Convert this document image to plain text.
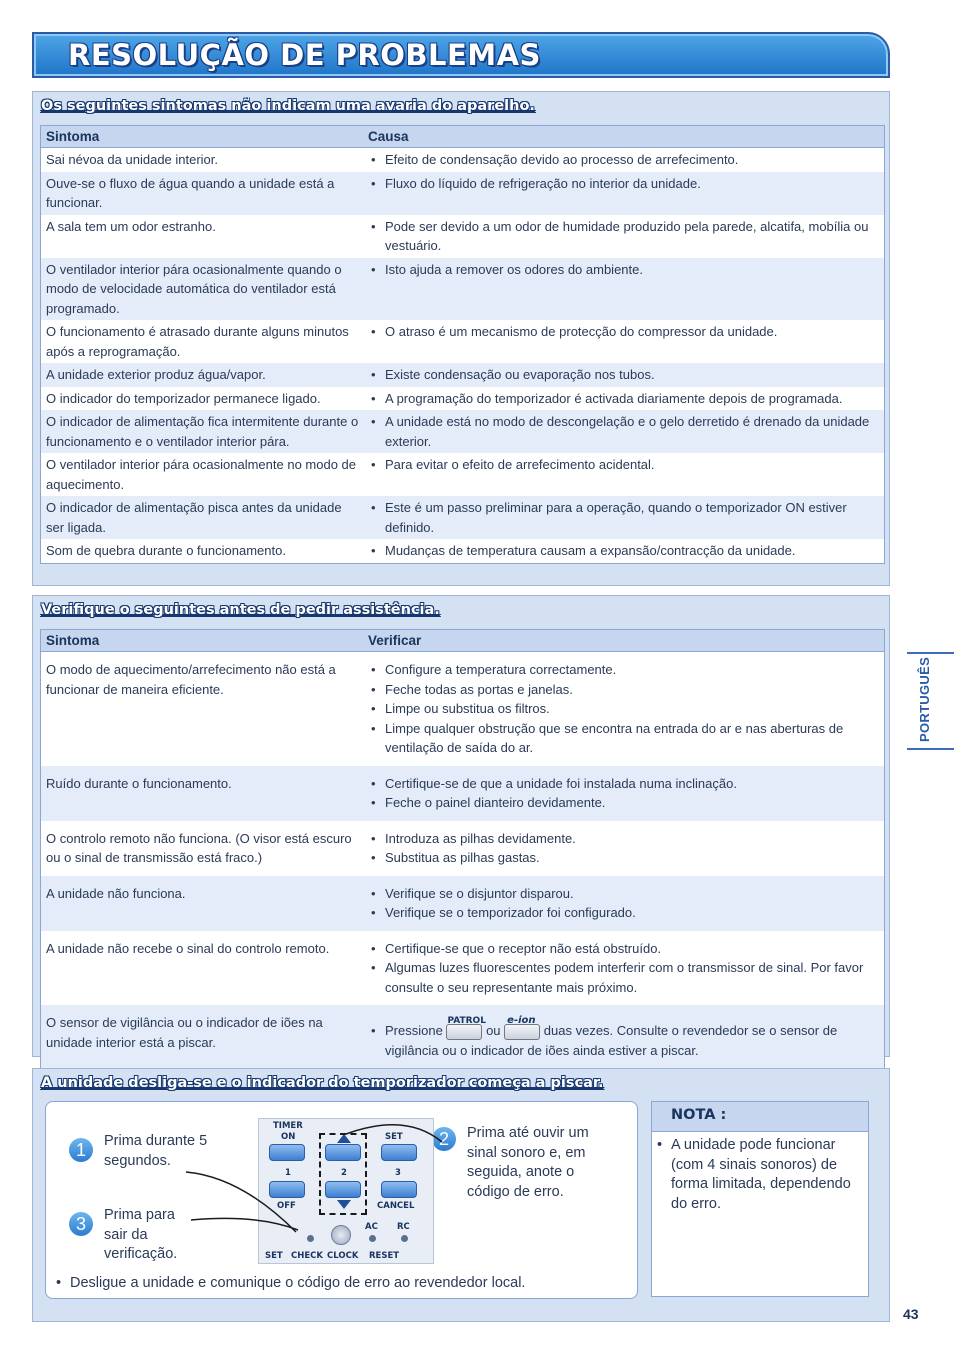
RESOLUÇÃO DE PROBLEMAS
Os seguintes sintomas não indicam uma avaria do aparelho.
Sintoma	Causa
Sai névoa da unidade interior.	• Efeito de condensação devido ao processo de arrefecimento.
Ouve-se o fluxo de água quando a unidade está a funcionar.
• Fluxo do líquido de refrigeração no interior da unidade.
A sala tem um odor estranho.	• Pode ser devido a um odor de humidade produzido pela parede, alcatifa, mobília ou vestuário.
O ventilador interior pára ocasionalmente quando o modo de velocidade automática do ventilador está programado.
• Isto ajuda a remover os odores do ambiente.
O funcionamento é atrasado durante alguns minutos após a reprogramação.
• O atraso é um mecanismo de protecção do compressor da unidade.
A unidade exterior produz água/vapor.	• Existe condensação ou evaporação nos tubos.
O indicador do temporizador permanece ligado.	• A programação do temporizador é activada diariamente depois de programada.
O indicador de alimentação fica intermitente durante o funcionamento e o ventilador interior pára.
• A unidade está no modo de descongelação e o gelo derretido é drenado da unidade exterior.
O ventilador interior pára ocasionalmente no modo de aquecimento.
• Para evitar o efeito de arrefecimento acidental.
O indicador de alimentação pisca antes da unidade ser ligada.
• Este é um passo preliminar para a operação, quando o temporizador ON estiver definido.
Som de quebra durante o funcionamento.	• Mudanças de temperatura causam a expansão/contracção da unidade.
Verifique o seguintes antes de pedir assistência.
Sintoma	Verificar
O modo de aquecimento/arrefecimento não está a funcionar de maneira eficiente.
• Configure a temperatura correctamente.
• Feche todas as portas e janelas.
• Limpe ou substitua os filtros.
• Limpe qualquer obstrução que se encontra na entrada do ar e nas aberturas de ventilação de saída do ar.
Ruído durante o funcionamento.	• Certifique-se de que a unidade foi instalada numa inclinação.
• Feche o painel dianteiro devidamente.
O controlo remoto não funciona. (O visor está escuro ou o sinal de transmissão está fraco.)
• Introduza as pilhas devidamente.
• Substitua as pilhas gastas.
A unidade não funciona.	• Verifique se o disjuntor disparou.
• Verifique se o temporizador foi configurado.
A unidade não recebe o sinal do controlo remoto.	• Certifique-se que o receptor não está obstruído.
• Algumas luzes fluorescentes podem interferir com o transmissor de sinal. Por favor consulte o seu representante mais próximo.
O sensor de vigilância ou o indicador de iões na unidade interior está a piscar.
• Pressione
PATROL
ou
e-ion
duas vezes. Consulte o revendedor se o sensor de vigilância ou o indicador de iões ainda estiver a piscar.
A unidade desliga-se e o indicador do temporizador começa a piscar.
1	Prima durante 5 segundos.
3	Prima para sair da verificação.
2	Prima até ouvir um sinal sonoro e, em seguida, anote o código de erro.
TIMER
ON	SET
1	2	3
OFF	CANCEL
AC RC
SET CHECK CLOCK RESET
• Desligue a unidade e comunique o código de erro ao revendedor local.
NOTA :
• A unidade pode funcionar (com 4 sinais sonoros) de forma limitada, dependendo do erro.
PORTUGUÊS
43
